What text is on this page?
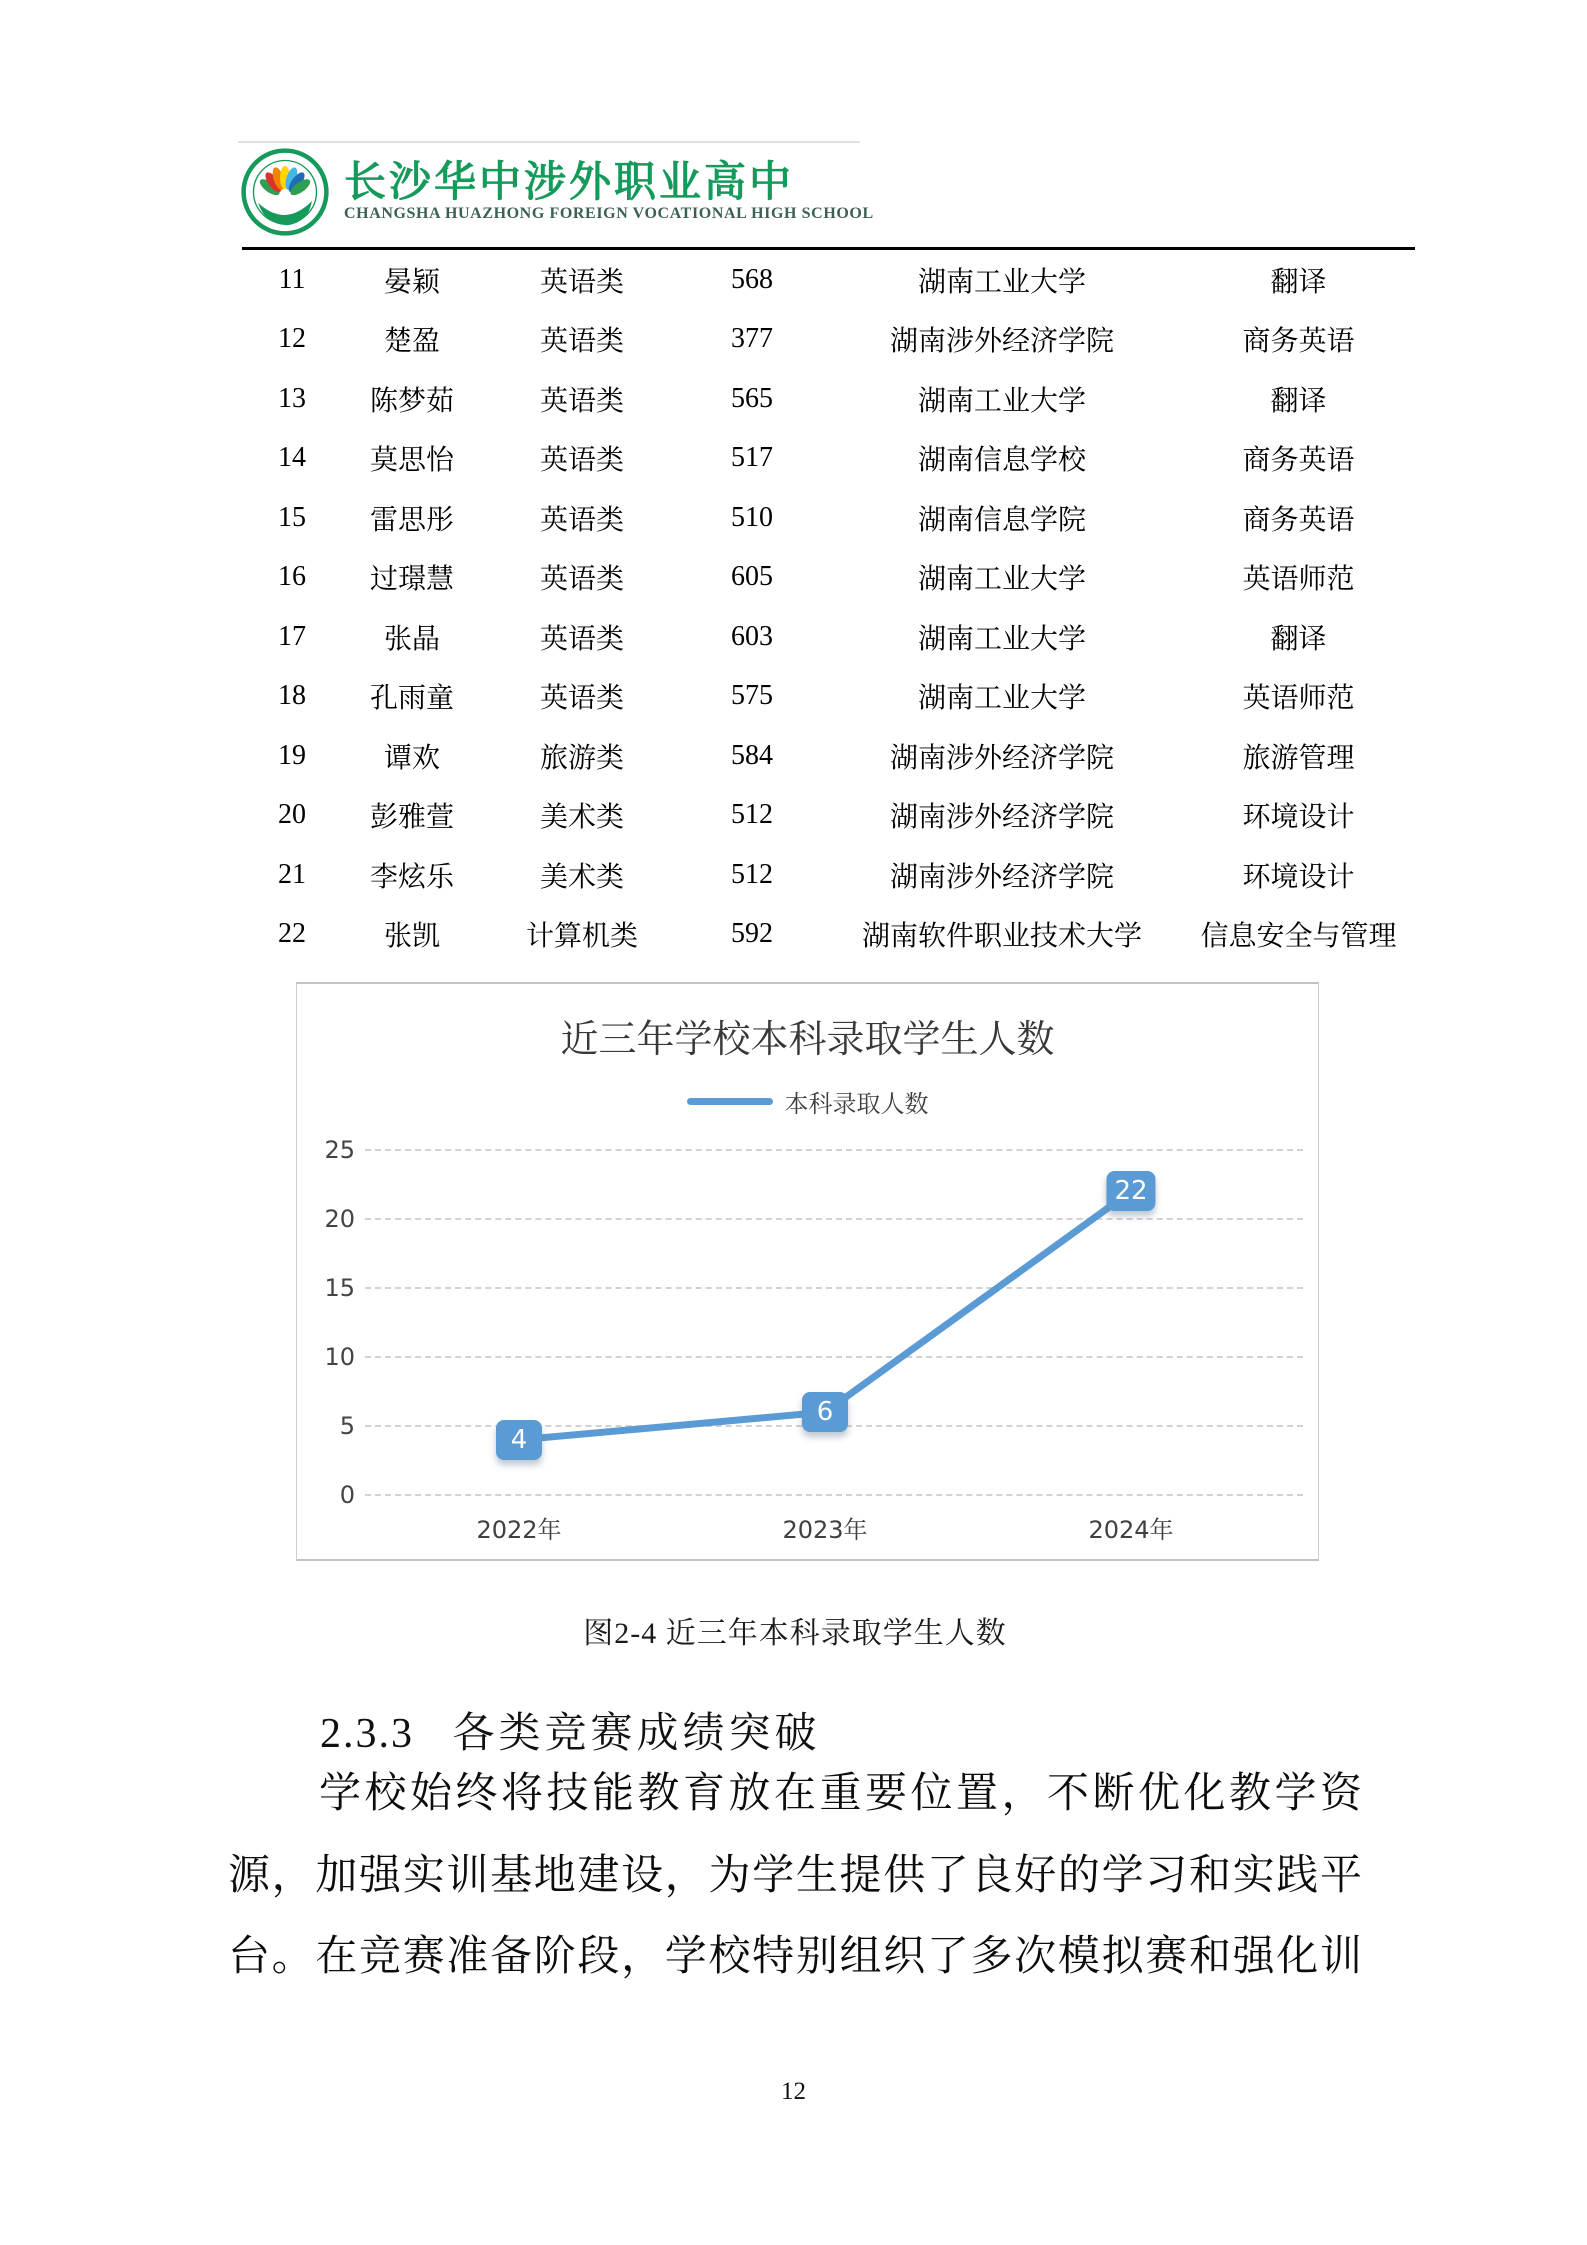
长沙华中涉外职业高中
CHANGSHA HUAZHONG FOREIGN VOCATIONAL HIGH SCHOOL
11	晏颖	英语类	568	湖南工业大学	翻译
12	楚盈	英语类	377	湖南涉外经济学院	商务英语
13	陈梦茹	英语类	565	湖南工业大学	翻译
14	莫思怡	英语类	517	湖南信息学校	商务英语
15	雷思彤	英语类	510	湖南信息学院	商务英语
16	过璟慧	英语类	605	湖南工业大学	英语师范
17	张晶	英语类	603	湖南工业大学	翻译
18	孔雨童	英语类	575	湖南工业大学	英语师范
19	谭欢	旅游类	584	湖南涉外经济学院	旅游管理
20	彭雅萱	美术类	512	湖南涉外经济学院	环境设计
21	李炫乐	美术类	512	湖南涉外经济学院	环境设计
22	张凯	计算机类	592	湖南软件职业技术大学	信息安全与管理
近三年学校本科录取学生人数
本科录取人数
0
5
10
15
20
25
2022年	2023年	2024年
4
6
22
图2-4 近三年本科录取学生人数
2.3.3 各类竞赛成绩突破
　　学校始终将技能教育放在重要位置，不断优化教学资
源，加强实训基地建设，为学生提供了良好的学习和实践平
台。在竞赛准备阶段，学校特别组织了多次模拟赛和强化训
12
